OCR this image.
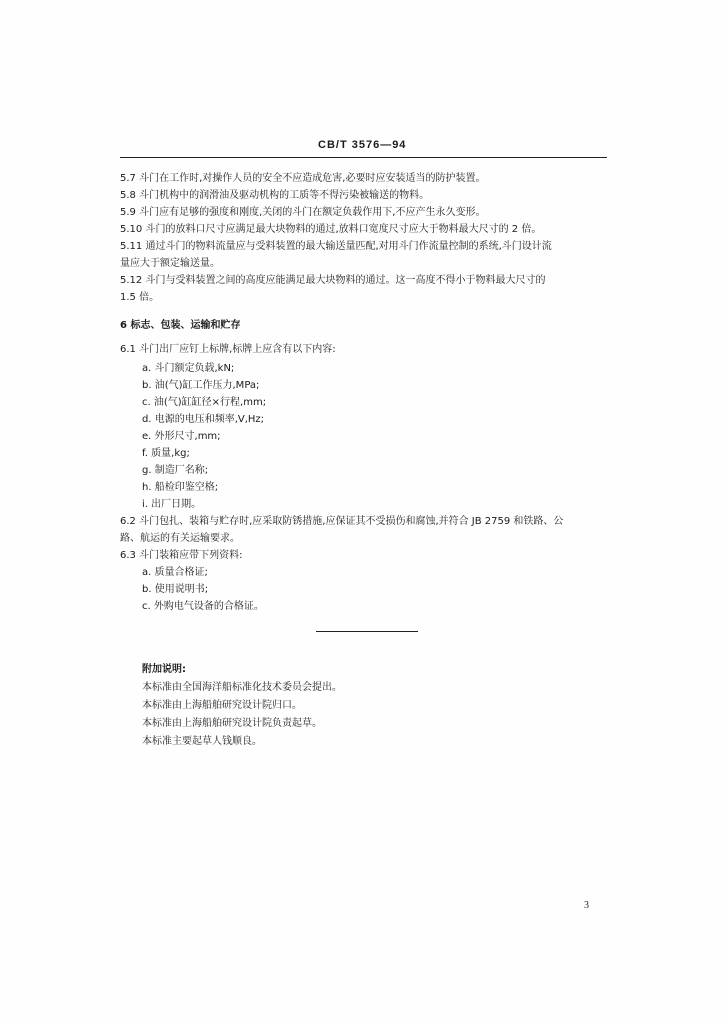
CB/T 3576—94
5.7 斗门在工作时,对操作人员的安全不应造成危害,必要时应安装适当的防护装置。
5.8 斗门机构中的润滑油及驱动机构的工质等不得污染被输送的物料。
5.9 斗门应有足够的强度和刚度,关闭的斗门在额定负载作用下,不应产生永久变形。
5.10 斗门的放料口尺寸应满足最大块物料的通过,放料口宽度尺寸应大于物料最大尺寸的 2 倍。
5.11 通过斗门的物料流量应与受料装置的最大输送量匹配,对用斗门作流量控制的系统,斗门设计流
量应大于额定输送量。
5.12 斗门与受料装置之间的高度应能满足最大块物料的通过。这一高度不得小于物料最大尺寸的
1.5 倍。
6 标志、包装、运输和贮存
6.1 斗门出厂应钉上标牌,标牌上应含有以下内容:
a. 斗门额定负载,kN;
b. 油(气)缸工作压力,MPa;
c. 油(气)缸缸径×行程,mm;
d. 电源的电压和频率,V,Hz;
e. 外形尺寸,mm;
f. 质量,kg;
g. 制造厂名称;
h. 船检印鉴空格;
i. 出厂日期。
6.2 斗门包扎、装箱与贮存时,应采取防锈措施,应保证其不受损伤和腐蚀,并符合 JB 2759 和铁路、公
路、航运的有关运输要求。
6.3 斗门装箱应带下列资料:
a. 质量合格证;
b. 使用说明书;
c. 外购电气设备的合格证。
附加说明:
本标准由全国海洋船标准化技术委员会提出。
本标准由上海船舶研究设计院归口。
本标准由上海船舶研究设计院负责起草。
本标准主要起草人钱顺良。
3
